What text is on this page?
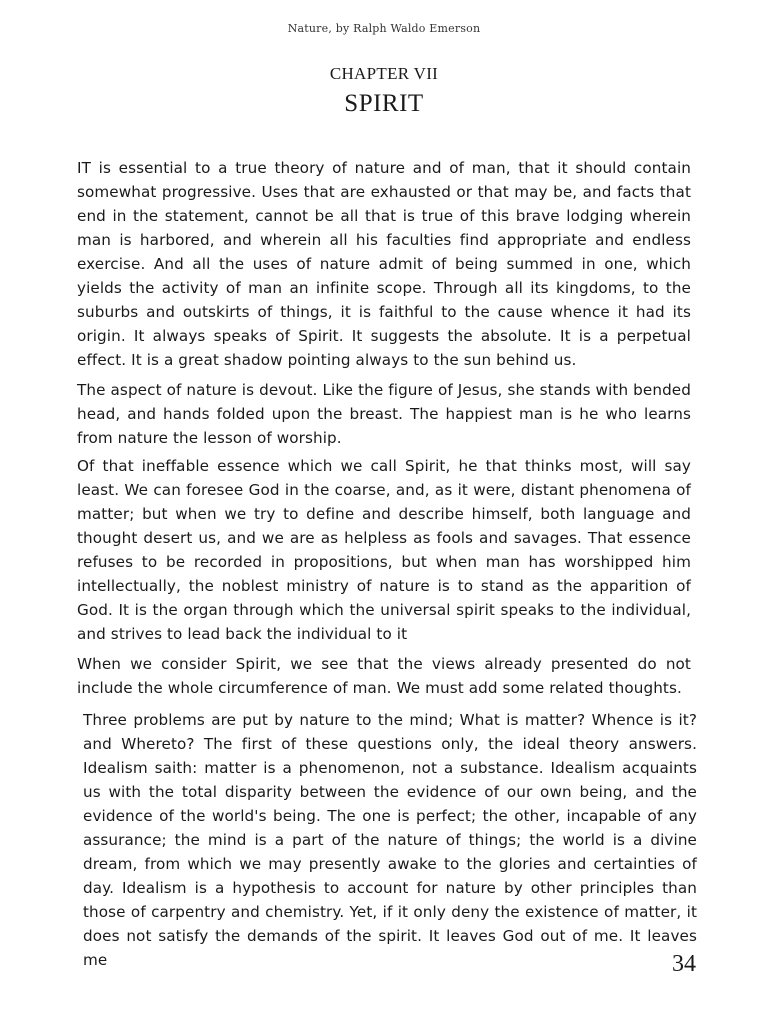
Nature, by Ralph Waldo Emerson
CHAPTER VII
SPIRIT

IT is essential to a true theory of nature and of man, that it should contain somewhat progressive. Uses that are exhausted or that may be, and facts that end in the statement, cannot be all that is true of this brave lodging wherein man is harbored, and wherein all his faculties find appropriate and endless exercise. And all the uses of nature admit of being summed in one, which yields the activity of man an infinite scope. Through all its kingdoms, to the suburbs and outskirts of things, it is faithful to the cause whence it had its origin. It always speaks of Spirit. It suggests the absolute. It is a perpetual effect. It is a great shadow pointing always to the sun behind us.

The aspect of nature is devout. Like the figure of Jesus, she stands with bended head, and hands folded upon the breast. The happiest man is he who learns from nature the lesson of worship.

Of that ineffable essence which we call Spirit, he that thinks most, will say least. We can foresee God in the coarse, and, as it were, distant phenomena of matter; but when we try to define and describe himself, both language and thought desert us, and we are as helpless as fools and savages. That essence refuses to be recorded in propositions, but when man has worshipped him intellectually, the noblest ministry of nature is to stand as the apparition of God. It is the organ through which the universal spirit speaks to the individual, and strives to lead back the individual to it

When we consider Spirit, we see that the views already presented do not include the whole circumference of man. We must add some related thoughts.

Three problems are put by nature to the mind; What is matter? Whence is it? and Whereto? The first of these questions only, the ideal theory answers. Idealism saith: matter is a phenomenon, not a substance. Idealism acquaints us with the total disparity between the evidence of our own being, and the evidence of the world's being. The one is perfect; the other, incapable of any assurance; the mind is a part of the nature of things; the world is a divine dream, from which we may presently awake to the glories and certainties of day. Idealism is a hypothesis to account for nature by other principles than those of carpentry and chemistry. Yet, if it only deny the existence of matter, it does not satisfy the demands of the spirit. It leaves God out of me. It leaves me	34
